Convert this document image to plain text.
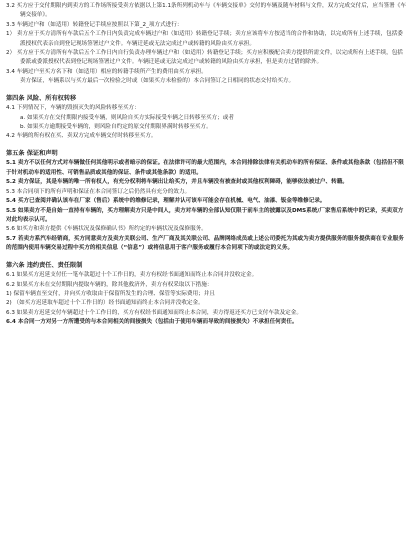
3.2 买方应于交付期限内到卖方的工作场所接受卖方依据以上第1.1条所列机动车与《车辆交接单》交付的车辆及随车材料与文件，双方完成交付后，应当签署《车辆交接单》。

3.3 车辆过户和（如适用）转籍登记手续应按照以下第_2_项方式进行：

1） 卖方应于买方清所有车款后五个工作日内负责完成车辆过户和（如适用）转籍登记手续；卖方应该将车方按适当的合作和协助，以完成所有上述手续，包括委派授权代表亲自到登记现场签署过户文件。车辆迁延或无法完成过户或转籍的风险由买方承担。

2） 买方应于买方清所有车款后五个工作日内自行负责办理车辆过户和（如适用）转籍登记手续；买方应积极配合卖方提供所需文件，以完成所有上述手续，包括委派或委派授权代表到登记现场签署过户文件。车辆迁延或无法完成过户或转籍的风险由买方承担，但是卖方过错的除外。

3.4 车辆过户至买方名下和（如适用）相应的转籍手续所产生的费用由买方承担。

卖方保证，车辆系以与买方最后一次检验之时或（如果买方未检验的）本合同签订之日相同的状态交付给买方。

第四条 风险、所有权转移

4.1 下列情况下，车辆的毁损灭失的风险转移至买方：

a. 如果买方在交付期限内接受车辆，则风险自买方实际接受车辆之日转移至买方；或者

b. 如果买方逾期接受车辆的，则风险自约定的原交付期限界满时转移至买方。

4.2 车辆的所有权在买、卖双方完成车辆交付时转移至买方。

第五条 保证和声明

5.1 卖方不以任何方式对车辆做任何其他明示或者暗示的保证。在法律许可的最大范围内，本合同排除法律有关机动车的所有保证、条件或其他条款（包括但不限于针对机动车的适用性、可销售品质或其他的保证、条件或其他条款）的适用。

5.2 卖方保证，其是车辆的唯一所有权人，有充分权利将车辆出让给买方，并且车辆没有被查封或其他权利障碍，能够依法被过户、转籍。

5.3 本合同项下的所有声明和保证在本合同签订之后仍然具有充分的效力。

5.4 买方已查阅并确认该车在厂家（售后）系统中的维修记录，理解并认可该车可能会存在机械、电气、油漆、钣金等维修记录。

5.5 如果卖方不是自始一直持有车辆的，买方理解卖方只是中间人，卖方对车辆的全部认知仅限于前车主的披露以及DMS系统/厂家售后系统中的记录，买卖双方对此均表示认可。

5.6 如买方和卖方提供《车辆状况及保修确认书》所约定的车辆状况及保修服务。

5.7 若卖方系汽车经销商，买方同意卖方及卖方关联公司、生产厂商及其关联公司、品牌网络成员或上述公司委托为其或为卖方提供服务的服务提供商在专业服务的范围内使用车辆交易过程中买方的相关信息（“信息”）或将信息用于客户服务或履行本合同项下的或法定的义务。

第六条 违约责任、责任限制

6.1 如果买方迟延支付任一笔车款超过十个工作日的，卖方有权经书面通知而终止本合同并没收定金。

6.2 如果买方未在交付期限内提取车辆的，除其他救济外，卖方有权采取以下措施：

1) 保留车辆直至交付，并向买方收取由于保留所发生的合理、保管等实际费用；并且

2) （如买方迟延取车超过十个工作日的）经书面通知而终止本合同并没收定金。

6.3 如果卖方迟延交付车辆超过十个工作日的，买方有权经书面通知而终止本合同，卖方得返还买方已支付车款及定金。

6.4 本合同一方对另一方所遭受的与本合同相关的间接损失（包括由于使用车辆而导致的间接损失）不承担任何责任。
